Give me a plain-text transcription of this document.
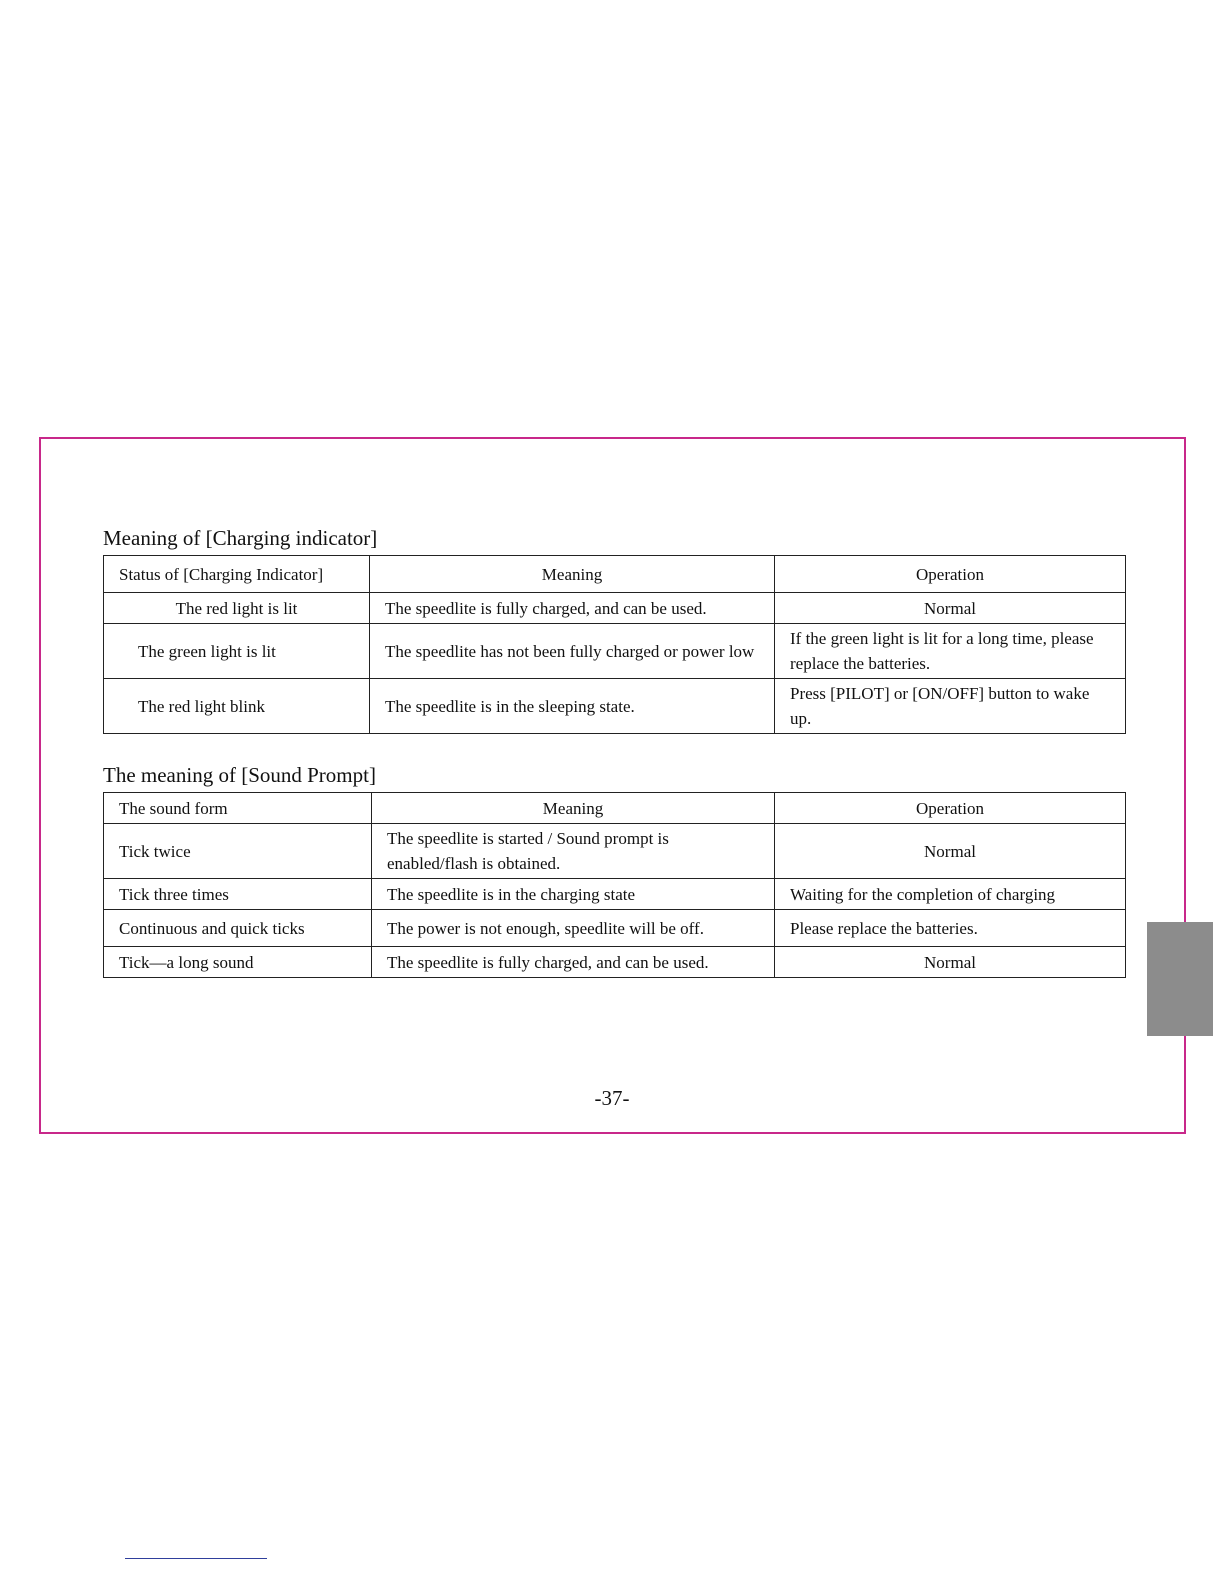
Meaning of [Charging indicator]
Status of [Charging Indicator]	Meaning	Operation
The red light is lit	The speedlite is fully charged, and can be used.	Normal
The green light is lit	The speedlite has not been fully charged or power low	If the green light is lit for a long time, please replace the batteries.
The red light blink	The speedlite is in the sleeping state.	Press [PILOT] or [ON/OFF] button to wake up.
The meaning of [Sound Prompt]
The sound form	Meaning	Operation
Tick twice	The speedlite is started / Sound prompt is enabled/flash is obtained.	Normal
Tick three times	The speedlite is in the charging state	Waiting for the completion of charging
Continuous and quick ticks	The power is not enough, speedlite will be off.	Please replace the batteries.
Tick—a long sound	The speedlite is fully charged, and can be used.	Normal
-37-
